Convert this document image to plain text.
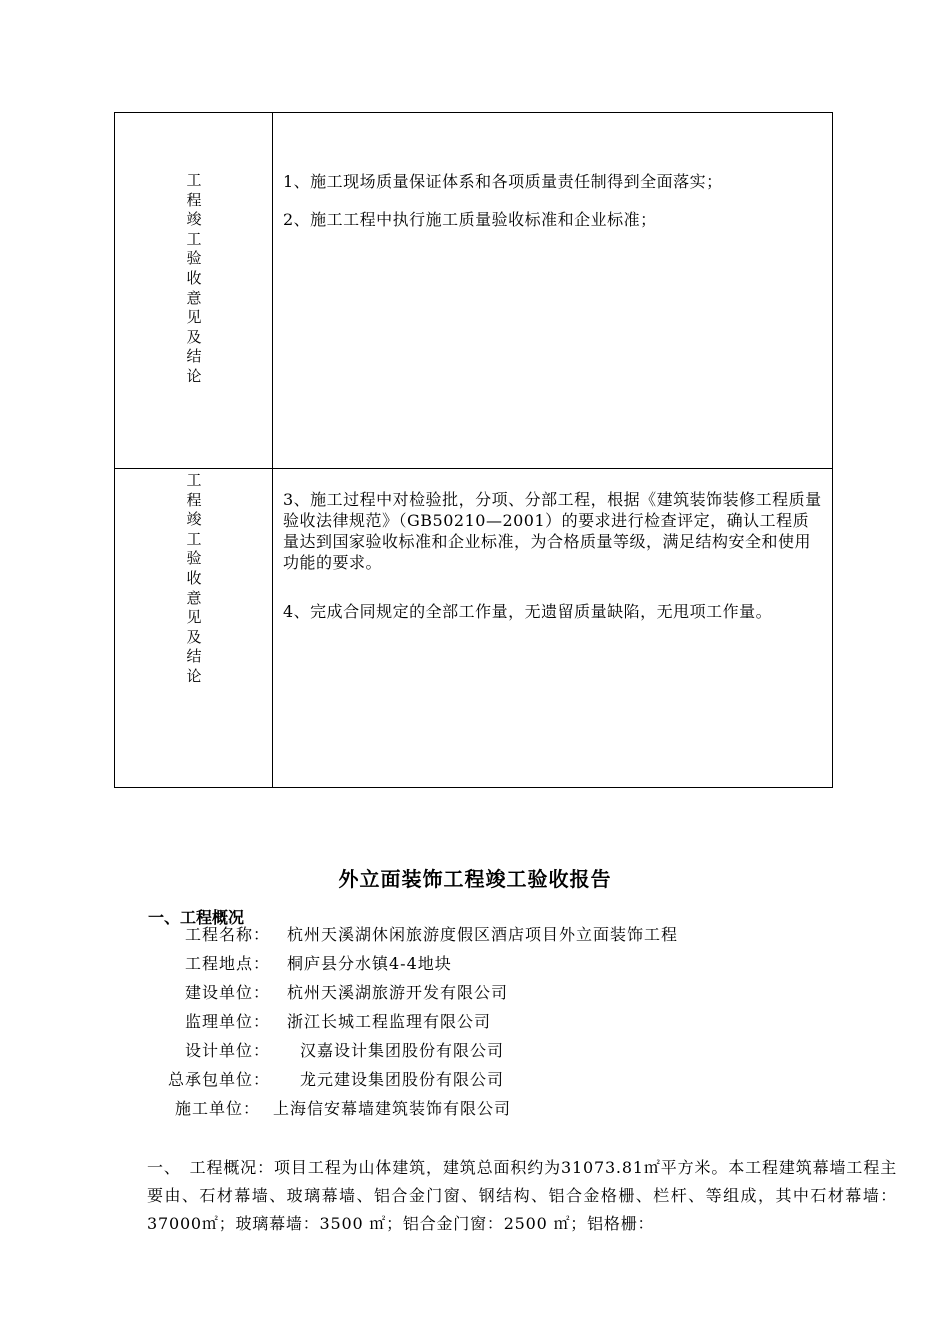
工程竣工验收意见及结论
1、施工现场质量保证体系和各项质量责任制得到全面落实；
2、施工工程中执行施工质量验收标准和企业标准；
工程竣工验收意见及结论
3、施工过程中对检验批，分项、分部工程，根据《建筑装饰装修工程质量验收法律规范》（GB50210—2001）的要求进行检查评定，确认工程质量达到国家验收标准和企业标准，为合格质量等级，满足结构安全和使用功能的要求。
4、完成合同规定的全部工作量，无遗留质量缺陷，无甩项工作量。
外立面装饰工程竣工验收报告
一、工程概况
工程名称： 杭州天溪湖休闲旅游度假区酒店项目外立面装饰工程
工程地点： 桐庐县分水镇4-4地块
建设单位： 杭州天溪湖旅游开发有限公司
监理单位： 浙江长城工程监理有限公司
设计单位： 汉嘉设计集团股份有限公司
总承包单位： 龙元建设集团股份有限公司
施工单位： 上海信安幕墙建筑装饰有限公司
一、　工程概况：项目工程为山体建筑，建筑总面积约为31073.81㎡平方米。本工程建筑幕墙工程主要由、石材幕墙、玻璃幕墙、铝合金门窗、钢结构、铝合金格栅、栏杆、等组成，其中石材幕墙：37000㎡；玻璃幕墙：3500 ㎡；铝合金门窗：2500 ㎡；铝格栅：
